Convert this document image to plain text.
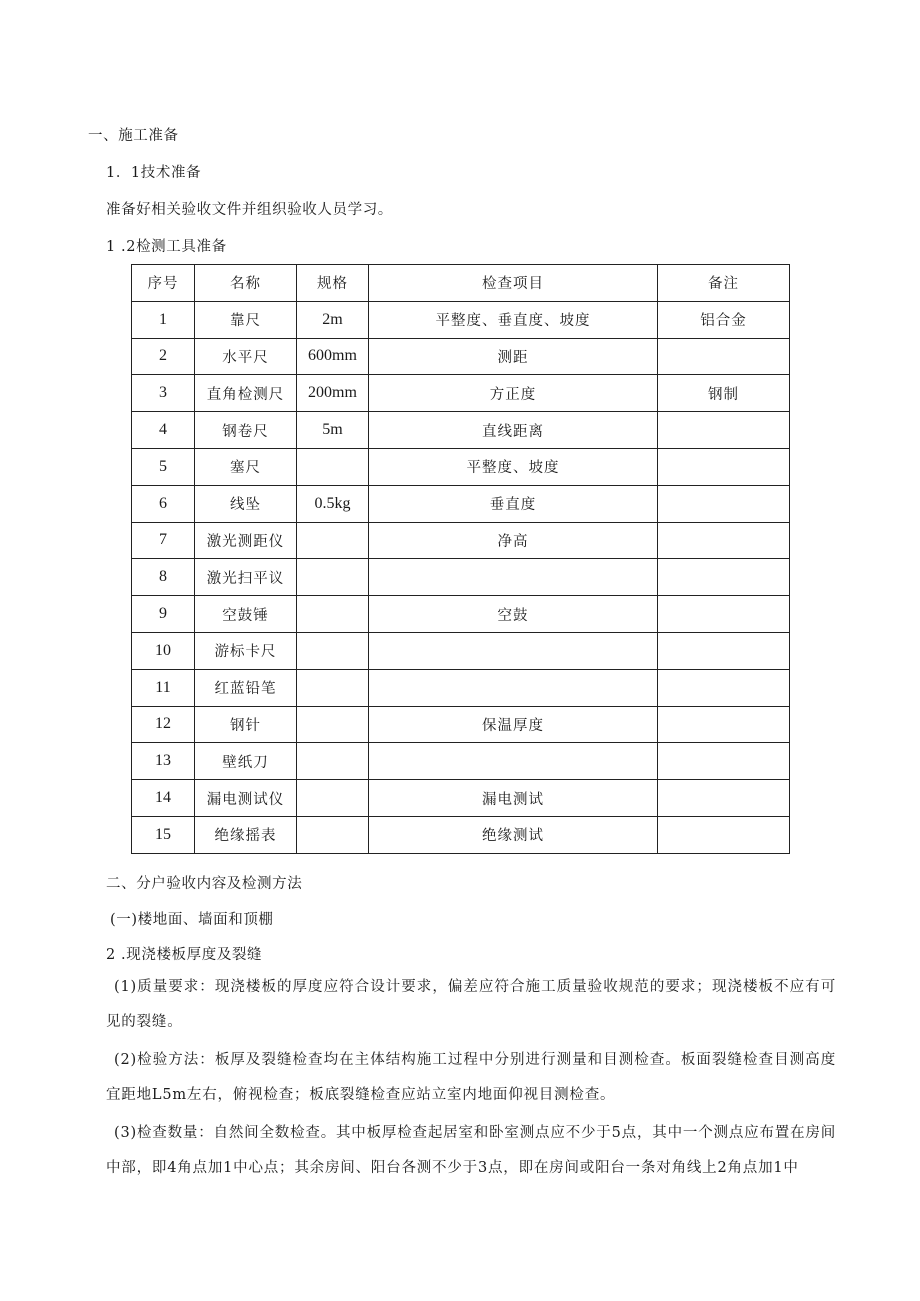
一、施工准备
1．1技术准备
准备好相关验收文件并组织验收人员学习。
1 .2检测工具准备
序号	名称	规格	检查项目	备注
1	靠尺	2m	平整度、垂直度、坡度	铝合金
2	水平尺	600mm	测距	
3	直角检测尺	200mm	方正度	钢制
4	钢卷尺	5m	直线距离	
5	塞尺		平整度、坡度	
6	线坠	0.5kg	垂直度	
7	激光测距仪		净高	
8	激光扫平议			
9	空鼓锤		空鼓	
10	游标卡尺			
11	红蓝铅笔			
12	钢针		保温厚度	
13	壁纸刀			
14	漏电测试仪		漏电测试	
15	绝缘摇表		绝缘测试	
二、分户验收内容及检测方法
(一)楼地面、墙面和顶棚
2 .现浇楼板厚度及裂缝
(1)质量要求：现浇楼板的厚度应符合设计要求，偏差应符合施工质量验收规范的要求；现浇楼板不应有可见的裂缝。
(2)检验方法：板厚及裂缝检查均在主体结构施工过程中分别进行测量和目测检查。板面裂缝检查目测高度宜距地L5m左右，俯视检查；板底裂缝检查应站立室内地面仰视目测检查。
(3)检查数量：自然间全数检查。其中板厚检查起居室和卧室测点应不少于5点，其中一个测点应布置在房间中部，即4角点加1中心点；其余房间、阳台各测不少于3点，即在房间或阳台一条对角线上2角点加1中
